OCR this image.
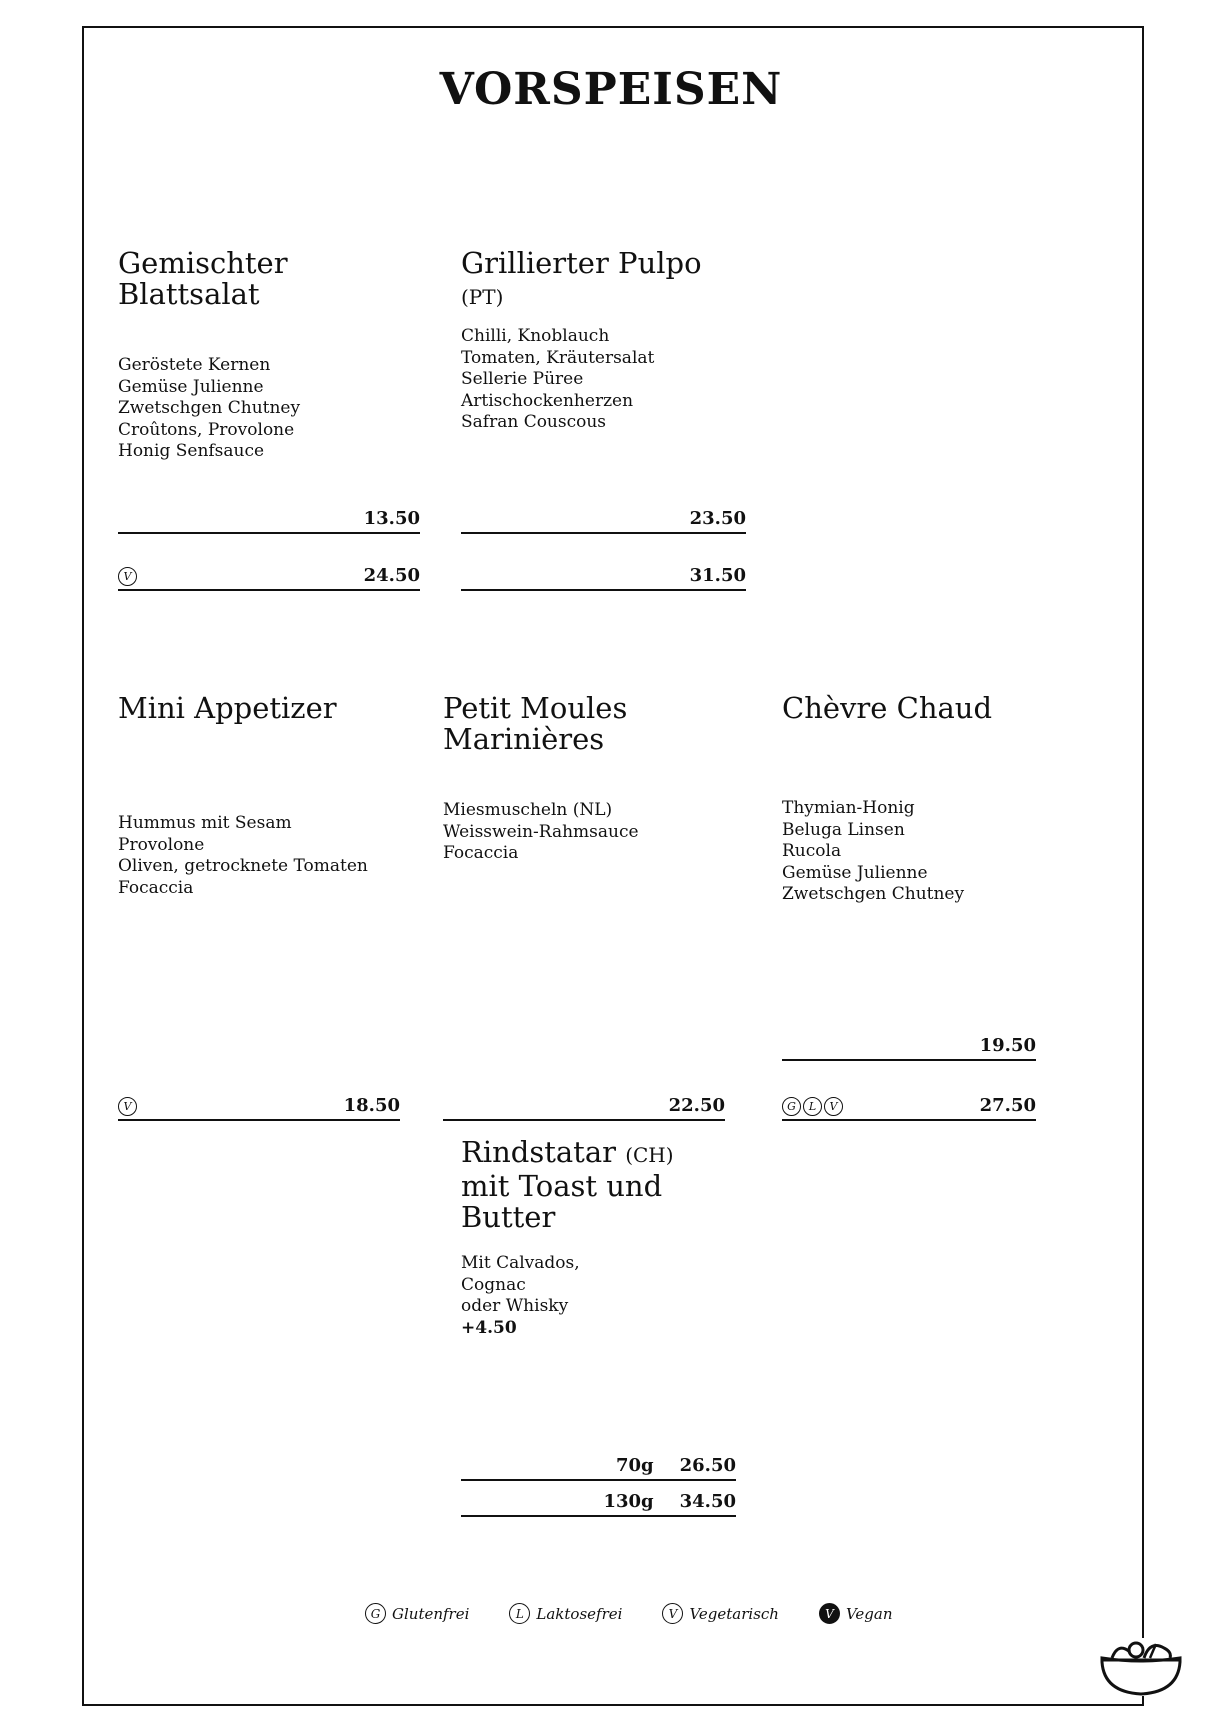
VORSPEISEN
Gemischter
Blattsalat
Geröstete Kernen
Gemüse Julienne
Zwetschgen Chutney
Croûtons, Provolone
Honig Senfsauce
13.50
V	24.50
Grillierter Pulpo (PT)
Chilli, Knoblauch
Tomaten, Kräutersalat
Sellerie Püree
Artischockenherzen
Safran Couscous
23.50
31.50
Mini Appetizer
Hummus mit Sesam
Provolone
Oliven, getrocknete Tomaten
Focaccia
V	18.50
Petit Moules
Marinières
Miesmuscheln (NL)
Weisswein-Rahmsauce
Focaccia
22.50
Chèvre Chaud
Thymian-Honig
Beluga Linsen
Rucola
Gemüse Julienne
Zwetschgen Chutney
19.50
G	L	V	27.50
Rindstatar (CH)
mit Toast und
Butter
Mit Calvados,
Cognac
oder Whisky
+4.50
70g 26.50
130g 34.50
G Glutenfrei	L Laktosefrei	V Vegetarisch	V Vegan
